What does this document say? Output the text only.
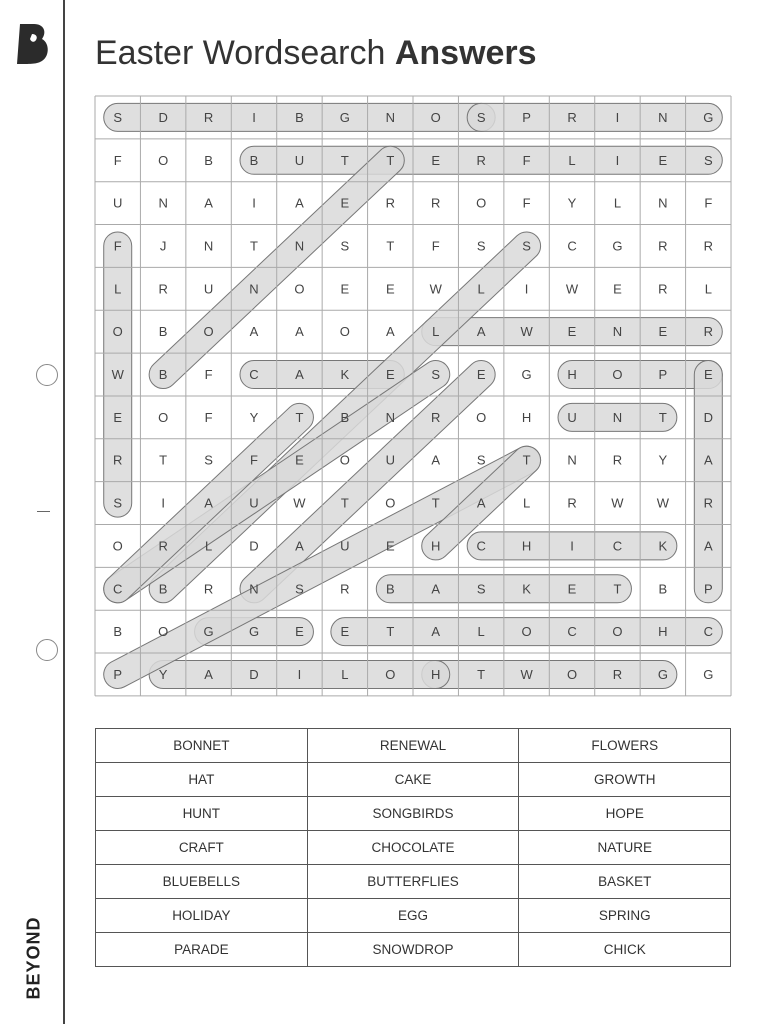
BEYOND
Easter Wordsearch Answers
S	D	R	I	B	G	N	O	S	P	R	I	N	G
F	O	B	B	U	T	T	E	R	F	L	I	E	S
U	N	A	I	A	E	R	R	O	F	Y	L	N	F
F	J	N	T	N	S	T	F	S	S	C	G	R	R
L	R	U	N	O	E	E	W	L	I	W	E	R	L
O	B	O	A	A	O	A	L	A	W	E	N	E	R
W	B	F	C	A	K	E	S	E	G	H	O	P	E
E	O	F	Y	T	B	N	R	O	H	U	N	T	D
R	T	S	F	E	O	U	A	S	T	N	R	Y	A
S	I	A	U	W	T	O	T	A	L	R	W	W	R
O	R	L	D	A	U	E	H	C	H	I	C	K	A
C	B	R	N	S	R	B	A	S	K	E	T	B	P
B	O	G	G	E	E	T	A	L	O	C	O	H	C
P	Y	A	D	I	L	O	H	T	W	O	R	G	G
BONNET	RENEWAL	FLOWERS
HAT	CAKE	GROWTH
HUNT	SONGBIRDS	HOPE
CRAFT	CHOCOLATE	NATURE
BLUEBELLS	BUTTERFLIES	BASKET
HOLIDAY	EGG	SPRING
PARADE	SNOWDROP	CHICK
